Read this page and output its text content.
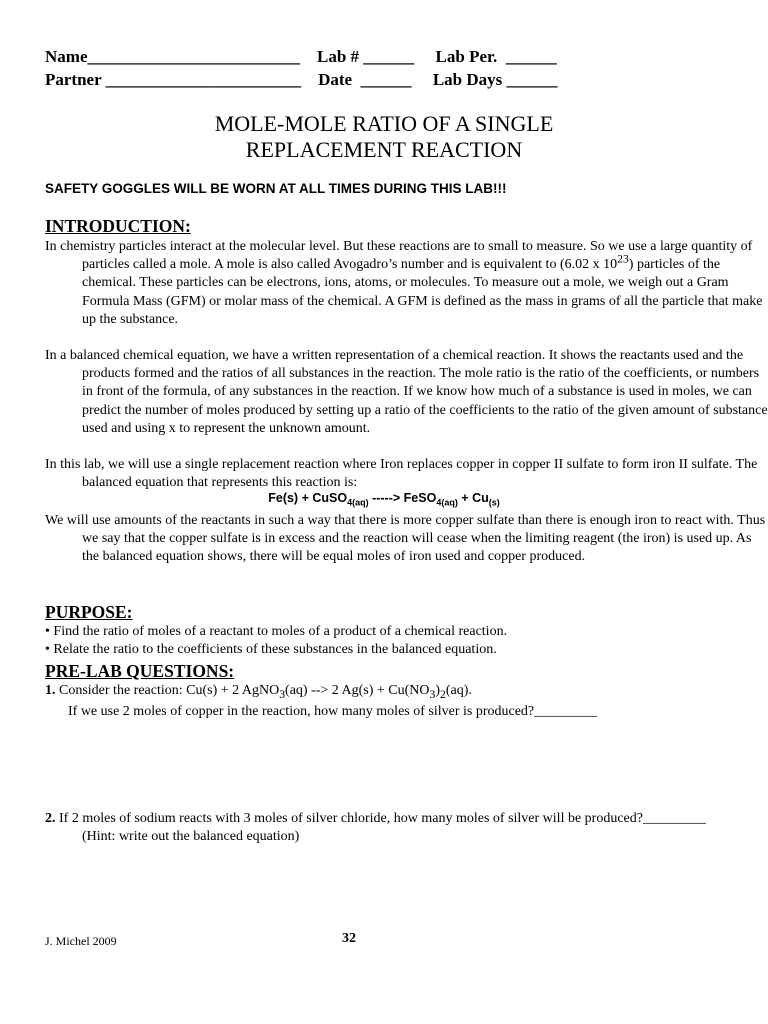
Name_________________________    Lab # ______     Lab Per.  ______
Partner _______________________    Date  ______     Lab Days ______
MOLE-MOLE RATIO OF A SINGLE
REPLACEMENT REACTION
SAFETY GOGGLES WILL BE WORN AT ALL TIMES DURING THIS LAB!!!
INTRODUCTION:
In chemistry particles interact at the molecular level. But these reactions are to small to measure. So we use a large quantity of particles called a mole. A mole is also called Avogadro’s number and is equivalent to (6.02 x $10^{23}$) particles of the chemical. These particles can be electrons, ions, atoms, or molecules. To measure out a mole, we weigh out a Gram Formula Mass (GFM) or molar mass of the chemical. A GFM is defined as the mass in grams of all the particle that make up the substance.
In a balanced chemical equation, we have a written representation of a chemical reaction. It shows the reactants used and the products formed and the ratios of all substances in the reaction. The mole ratio is the ratio of the coefficients, or numbers in front of the formula, of any substances in the reaction. If we know how much of a substance is used in moles, we can predict the number of moles produced by setting up a ratio of the coefficients to the ratio of the given amount of substance used and using x to represent the unknown amount.
In this lab, we will use a single replacement reaction where Iron replaces copper in copper II sulfate to form iron II sulfate. The balanced equation that represents this reaction is:
Fe(s) + CuSO$_{4(aq)}$ -----> FeSO$_{4(aq)}$ + $Cu_{(s)}$
We will use amounts of the reactants in such a way that there is more copper sulfate than there is enough iron to react with. Thus we say that the copper sulfate is in excess and the reaction will cease when the limiting reagent (the iron) is used up. As the balanced equation shows, there will be equal moles of iron used and copper produced.
PURPOSE:
• Find the ratio of moles of a reactant to moles of a product of a chemical reaction.
• Relate the ratio to the coefficients of these substances in the balanced equation.
PRE-LAB QUESTIONS:
1. Consider the reaction: Cu(s) + 2 AgNO$_3$(aq) --> 2 $Ag(s) + Cu(NO_3)_2(aq)$.
If we use 2 moles of copper in the reaction, how many moles of silver is produced?_________
2. If 2 moles of sodium reacts with 3 moles of silver chloride, how many moles of silver will be produced?_________ (Hint: write out the balanced equation)
J. Michel 2009	32
